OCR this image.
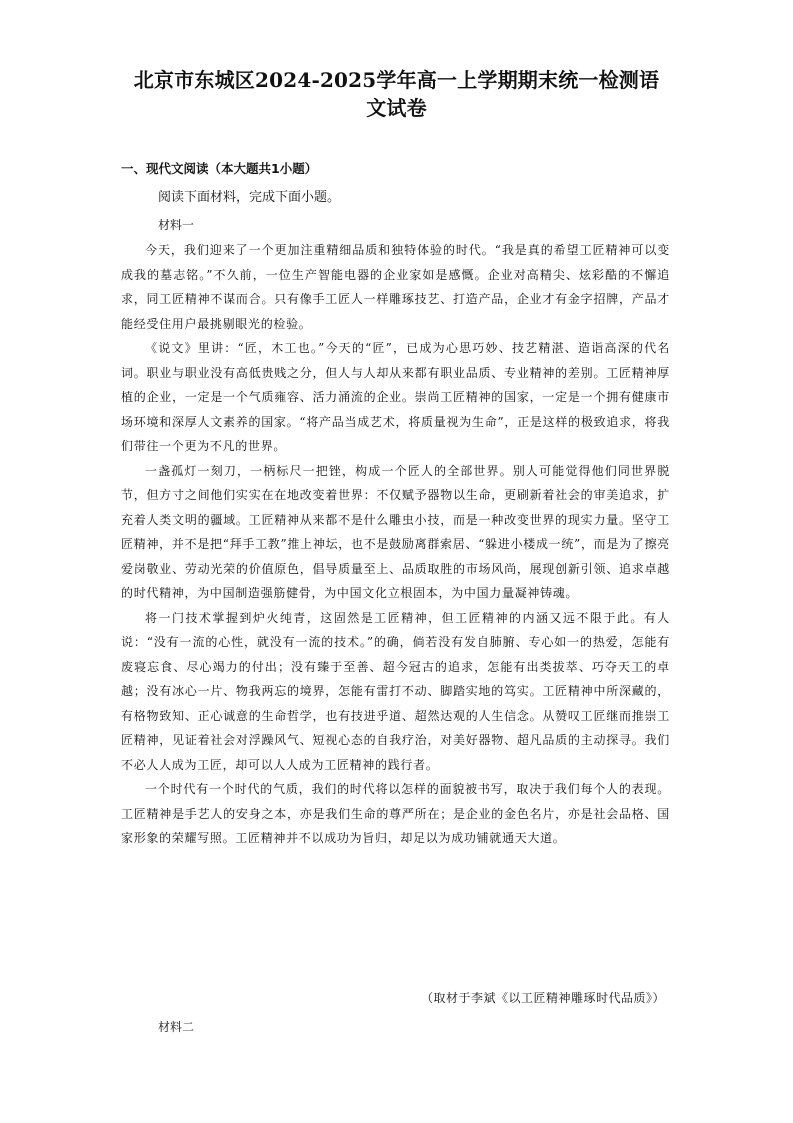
北京市东城区2024-2025学年高一上学期期末统一检测语
文试卷
一、现代文阅读（本大题共1小题）
阅读下面材料，完成下面小题。
材料一

今天，我们迎来了一个更加注重精细品质和独特体验的时代。“我是真的希望工匠精神可以变成我的墓志铭。”不久前，一位生产智能电器的企业家如是感慨。企业对高精尖、炫彩酷的不懈追求，同工匠精神不谋而合。只有像手工匠人一样雕琢技艺、打造产品，企业才有金字招牌，产品才能经受住用户最挑剔眼光的检验。

《说文》里讲：“匠，木工也。”今天的“匠”，已成为心思巧妙、技艺精湛、造诣高深的代名词。职业与职业没有高低贵贱之分，但人与人却从来都有职业品质、专业精神的差别。工匠精神厚植的企业，一定是一个气质雍容、活力涌流的企业。崇尚工匠精神的国家，一定是一个拥有健康市场环境和深厚人文素养的国家。“将产品当成艺术，将质量视为生命”，正是这样的极致追求，将我们带往一个更为不凡的世界。

一盏孤灯一刻刀，一柄标尺一把锉，构成一个匠人的全部世界。别人可能觉得他们同世界脱节，但方寸之间他们实实在在地改变着世界：不仅赋予器物以生命，更刷新着社会的审美追求，扩充着人类文明的疆域。工匠精神从来都不是什么雕虫小技，而是一种改变世界的现实力量。坚守工匠精神，并不是把“拜手工教”推上神坛，也不是鼓励离群索居、“躲进小楼成一统”，而是为了擦亮爱岗敬业、劳动光荣的价值原色，倡导质量至上、品质取胜的市场风尚，展现创新引领、追求卓越的时代精神，为中国制造强筋健骨，为中国文化立根固本，为中国力量凝神铸魂。

将一门技术掌握到炉火纯青，这固然是工匠精神，但工匠精神的内涵又远不限于此。有人说：“没有一流的心性，就没有一流的技术。”的确，倘若没有发自肺腑、专心如一的热爱，怎能有废寝忘食、尽心竭力的付出；没有臻于至善、超今冠古的追求，怎能有出类拔萃、巧夺天工的卓越；没有冰心一片、物我两忘的境界，怎能有雷打不动、脚踏实地的笃实。工匠精神中所深藏的，有格物致知、正心诚意的生命哲学，也有技进乎道、超然达观的人生信念。从赞叹工匠继而推崇工匠精神，见证着社会对浮躁风气、短视心态的自我疗治，对美好器物、超凡品质的主动探寻。我们不必人人成为工匠，却可以人人成为工匠精神的践行者。

一个时代有一个时代的气质，我们的时代将以怎样的面貌被书写，取决于我们每个人的表现。工匠精神是手艺人的安身之本，亦是我们生命的尊严所在；是企业的金色名片，亦是社会品格、国家形象的荣耀写照。工匠精神并不以成功为旨归，却足以为成功铺就通天大道。

（取材于李斌《以工匠精神雕琢时代品质》）
材料二
